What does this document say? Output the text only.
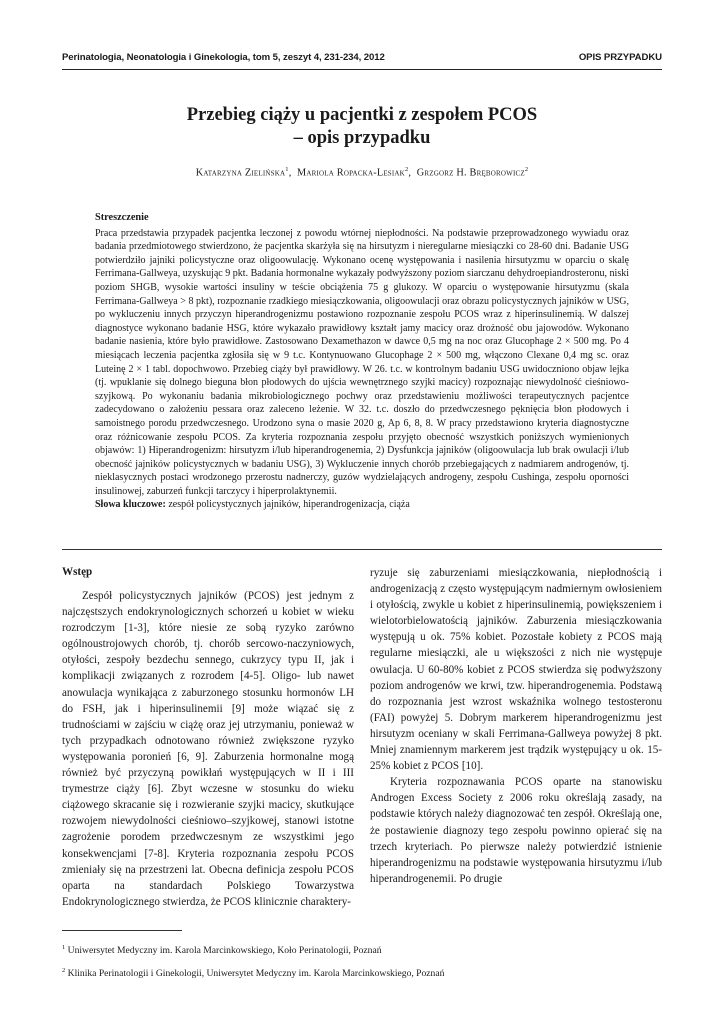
Perinatologia, Neonatologia i Ginekologia, tom 5, zeszyt 4, 231-234, 2012	OPIS PRZYPADKU
Przebieg ciąży u pacjentki z zespołem PCOS
– opis przypadku
Katarzyna Zielińska$^1$,  Mariola Ropacka-Lesiak$^2$,  Grzgorz H. Bręborowicz$^2$
Streszczenie

Praca przedstawia przypadek pacjentka leczonej z powodu wtórnej niepłodności. Na podstawie przeprowadzonego wywiadu oraz badania przedmiotowego stwierdzono, że pacjentka skarżyła się na hirsutyzm i nieregularne miesiączki co 28-60 dni. Badanie USG potwierdziło jajniki policystyczne oraz oligoowulację. Wykonano ocenę występowania i nasilenia hirsutyzmu w oparciu o skalę Ferrimana-Gallweya, uzyskując 9 pkt. Badania hormonalne wykazały podwyższony poziom siarczanu dehydroepiandrosteronu, niski poziom SHGB, wysokie wartości insuliny w teście obciążenia 75 g glukozy. W oparciu o występowanie hirsutyzmu (skala Ferrimana-Gallweya > 8 pkt), rozpoznanie rzadkiego miesiączkowania, oligoowulacji oraz obrazu policystycznych jajników w USG, po wykluczeniu innych przyczyn hiperandrogenizmu postawiono rozpoznanie zespołu PCOS wraz z hiperinsulinemią. W dalszej diagnostyce wykonano badanie HSG, które wykazało prawidłowy kształt jamy macicy oraz drożność obu jajowodów. Wykonano badanie nasienia, które było prawidłowe. Zastosowano Dexamethazon w dawce 0,5 mg na noc oraz Glucophage 2 × 500 mg. Po 4 miesiącach leczenia pacjentka zgłosiła się w 9 t.c. Kontynuowano Glucophage 2 × 500 mg, włączono Clexane 0,4 mg sc. oraz Luteinę 2 × 1 tabl. dopochwowo. Przebieg ciąży był prawidłowy. W 26. t.c. w kontrolnym badaniu USG uwidoczniono objaw lejka (tj. wpuklanie się dolnego bieguna błon płodowych do ujścia wewnętrznego szyjki macicy) rozpoznając niewydolność cieśniowo-szyjkową. Po wykonaniu badania mikrobiologicznego pochwy oraz przedstawieniu możliwości terapeutycznych pacjentce zadecydowano o założeniu pessara oraz zaleceno leżenie. W 32. t.c. doszło do przedwczesnego pęknięcia błon płodowych i samoistnego porodu przedwczesnego. Urodzono syna o masie 2020 g, Ap 6, 8, 8. W pracy przedstawiono kryteria diagnostyczne oraz różnicowanie zespołu PCOS. Za kryteria rozpoznania zespołu przyjęto obecność wszystkich poniższych wymienionych objawów: 1) Hiperandrogenizm: hirsutyzm i/lub hiperandrogenemia, 2) Dysfunkcja jajników (oligoowulacja lub brak owulacji i/lub obecność jajników policystycznych w badaniu USG), 3) Wykluczenie innych chorób przebiegających z nadmiarem androgenów, tj. nieklasycznych postaci wrodzonego przerostu nadnerczy, guzów wydzielających androgeny, zespołu Cushinga, zespołu oporności insulinowej, zaburzeń funkcji tarczycy i hiperprolaktynemii.

Słowa kluczowe: zespół policystycznych jajników, hiperandrogenizacja, ciąża

Wstęp

Zespół policystycznych jajników (PCOS) jest jednym z najczęstszych endokrynologicznych schorzeń u kobiet w wieku rozrodczym [1-3], które niesie ze sobą ryzyko zarówno ogólnoustrojowych chorób, tj. chorób sercowo-naczyniowych, otyłości, zespoły bezdechu sennego, cukrzycy typu II, jak i komplikacji związanych z rozrodem [4-5]. Oligo- lub nawet anowulacja wynikająca z zaburzonego stosunku hormonów LH do FSH, jak i hiperinsulinemii [9] może wiązać się z trudnościami w zajściu w ciążę oraz jej utrzymaniu, ponieważ w tych przypadkach odnotowano również zwiększone ryzyko występowania poronień [6, 9]. Zaburzenia hormonalne mogą również być przyczyną powikłań występujących w II i III trymestrze ciąży [6]. Zbyt wczesne w stosunku do wieku ciążowego skracanie się i rozwieranie szyjki macicy, skutkujące rozwojem niewydolności cieśniowo–szyjkowej, stanowi istotne zagrożenie porodem przedwczesnym ze wszystkimi jego konsekwencjami [7-8]. Kryteria rozpoznania zespołu PCOS zmieniały się na przestrzeni lat. Obecna definicja zespołu PCOS oparta na standardach Polskiego Towarzystwa Endokrynologicznego stwierdza, że PCOS klinicznie charaktery-

ryzuje się zaburzeniami miesiączkowania, niepłodnością i androgenizacją z często występującym nadmiernym owłosieniem i otyłością, zwykle u kobiet z hiperinsulinemią, powiększeniem i wielotorbielowatością jajników. Zaburzenia miesiączkowania występują u ok. 75% kobiet. Pozostałe kobiety z PCOS mają regularne miesiączki, ale u większości z nich nie występuje owulacja. U 60-80% kobiet z PCOS stwierdza się podwyższony poziom androgenów we krwi, tzw. hiperandrogenemia. Podstawą do rozpoznania jest wzrost wskaźnika wolnego testosteronu (FAI) powyżej 5. Dobrym markerem hiperandrogenizmu jest hirsutyzm oceniany w skali Ferrimana-Gallweya powyżej 8 pkt. Mniej znamiennym markerem jest trądzik występujący u ok. 15-25% kobiet z PCOS [10].

Kryteria rozpoznawania PCOS oparte na stanowisku Androgen Excess Society z 2006 roku określają zasady, na podstawie których należy diagnozować ten zespół. Określają one, że postawienie diagnozy tego zespołu powinno opierać się na trzech kryteriach. Po pierwsze należy potwierdzić istnienie hiperandrogenizmu na podstawie występowania hirsutyzmu i/lub hiperandrogenemii. Po drugie

$^1$ Uniwersytet Medyczny im. Karola Marcinkowskiego, Koło Perinatologii, Poznań
$^2$ Klinika Perinatologii i Ginekologii, Uniwersytet Medyczny im. Karola Marcinkowskiego, Poznań
